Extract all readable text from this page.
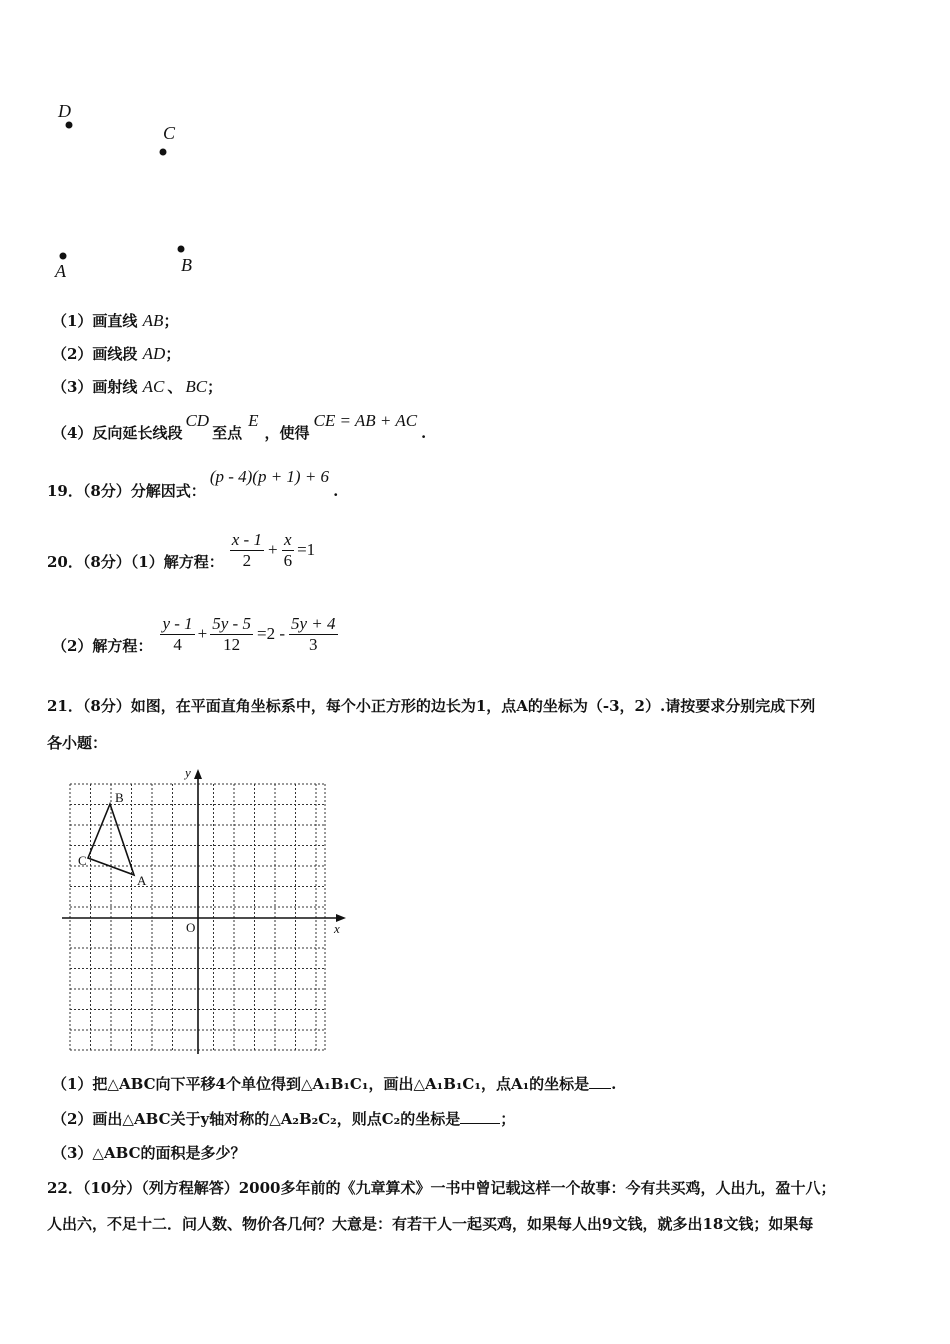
D
C
A	B
（1）画直线 AB；
（2）画线段 AD；
（3）画射线 AC 、 BC；
（4）反向延长线段CD至点E，使得CE = AB + AC.
19．（8分）分解因式：(p - 4)(p + 1) + 6.
20．（8分）（1）解方程： $\frac{x - 1}{2} + \frac{x}{6} =1$
（2）解方程： $\frac{y - 1}{4} + \frac{5y - 5}{12} =2 - \frac{5y + 4}{3}$
21．（8分）如图，在平面直角坐标系中，每个小正方形的边长为1，点A的坐标为（-3，2）.请按要求分别完成下列
各小题：
y
x
O
B
C
A
（1）把△ABC向下平移4个单位得到△A₁B₁C₁，画出△A₁B₁C₁，点A₁的坐标是 .
（2）画出△ABC关于y轴对称的△A₂B₂C₂，则点C₂的坐标是	；
（3）△ABC的面积是多少？
22．（10分）（列方程解答）2000多年前的《九章算术》一书中曾记载这样一个故事：今有共买鸡，人出九，盈十八；
人出六，不足十二．问人数、物价各几何？大意是：有若干人一起买鸡，如果每人出9文钱，就多出18文钱；如果每
